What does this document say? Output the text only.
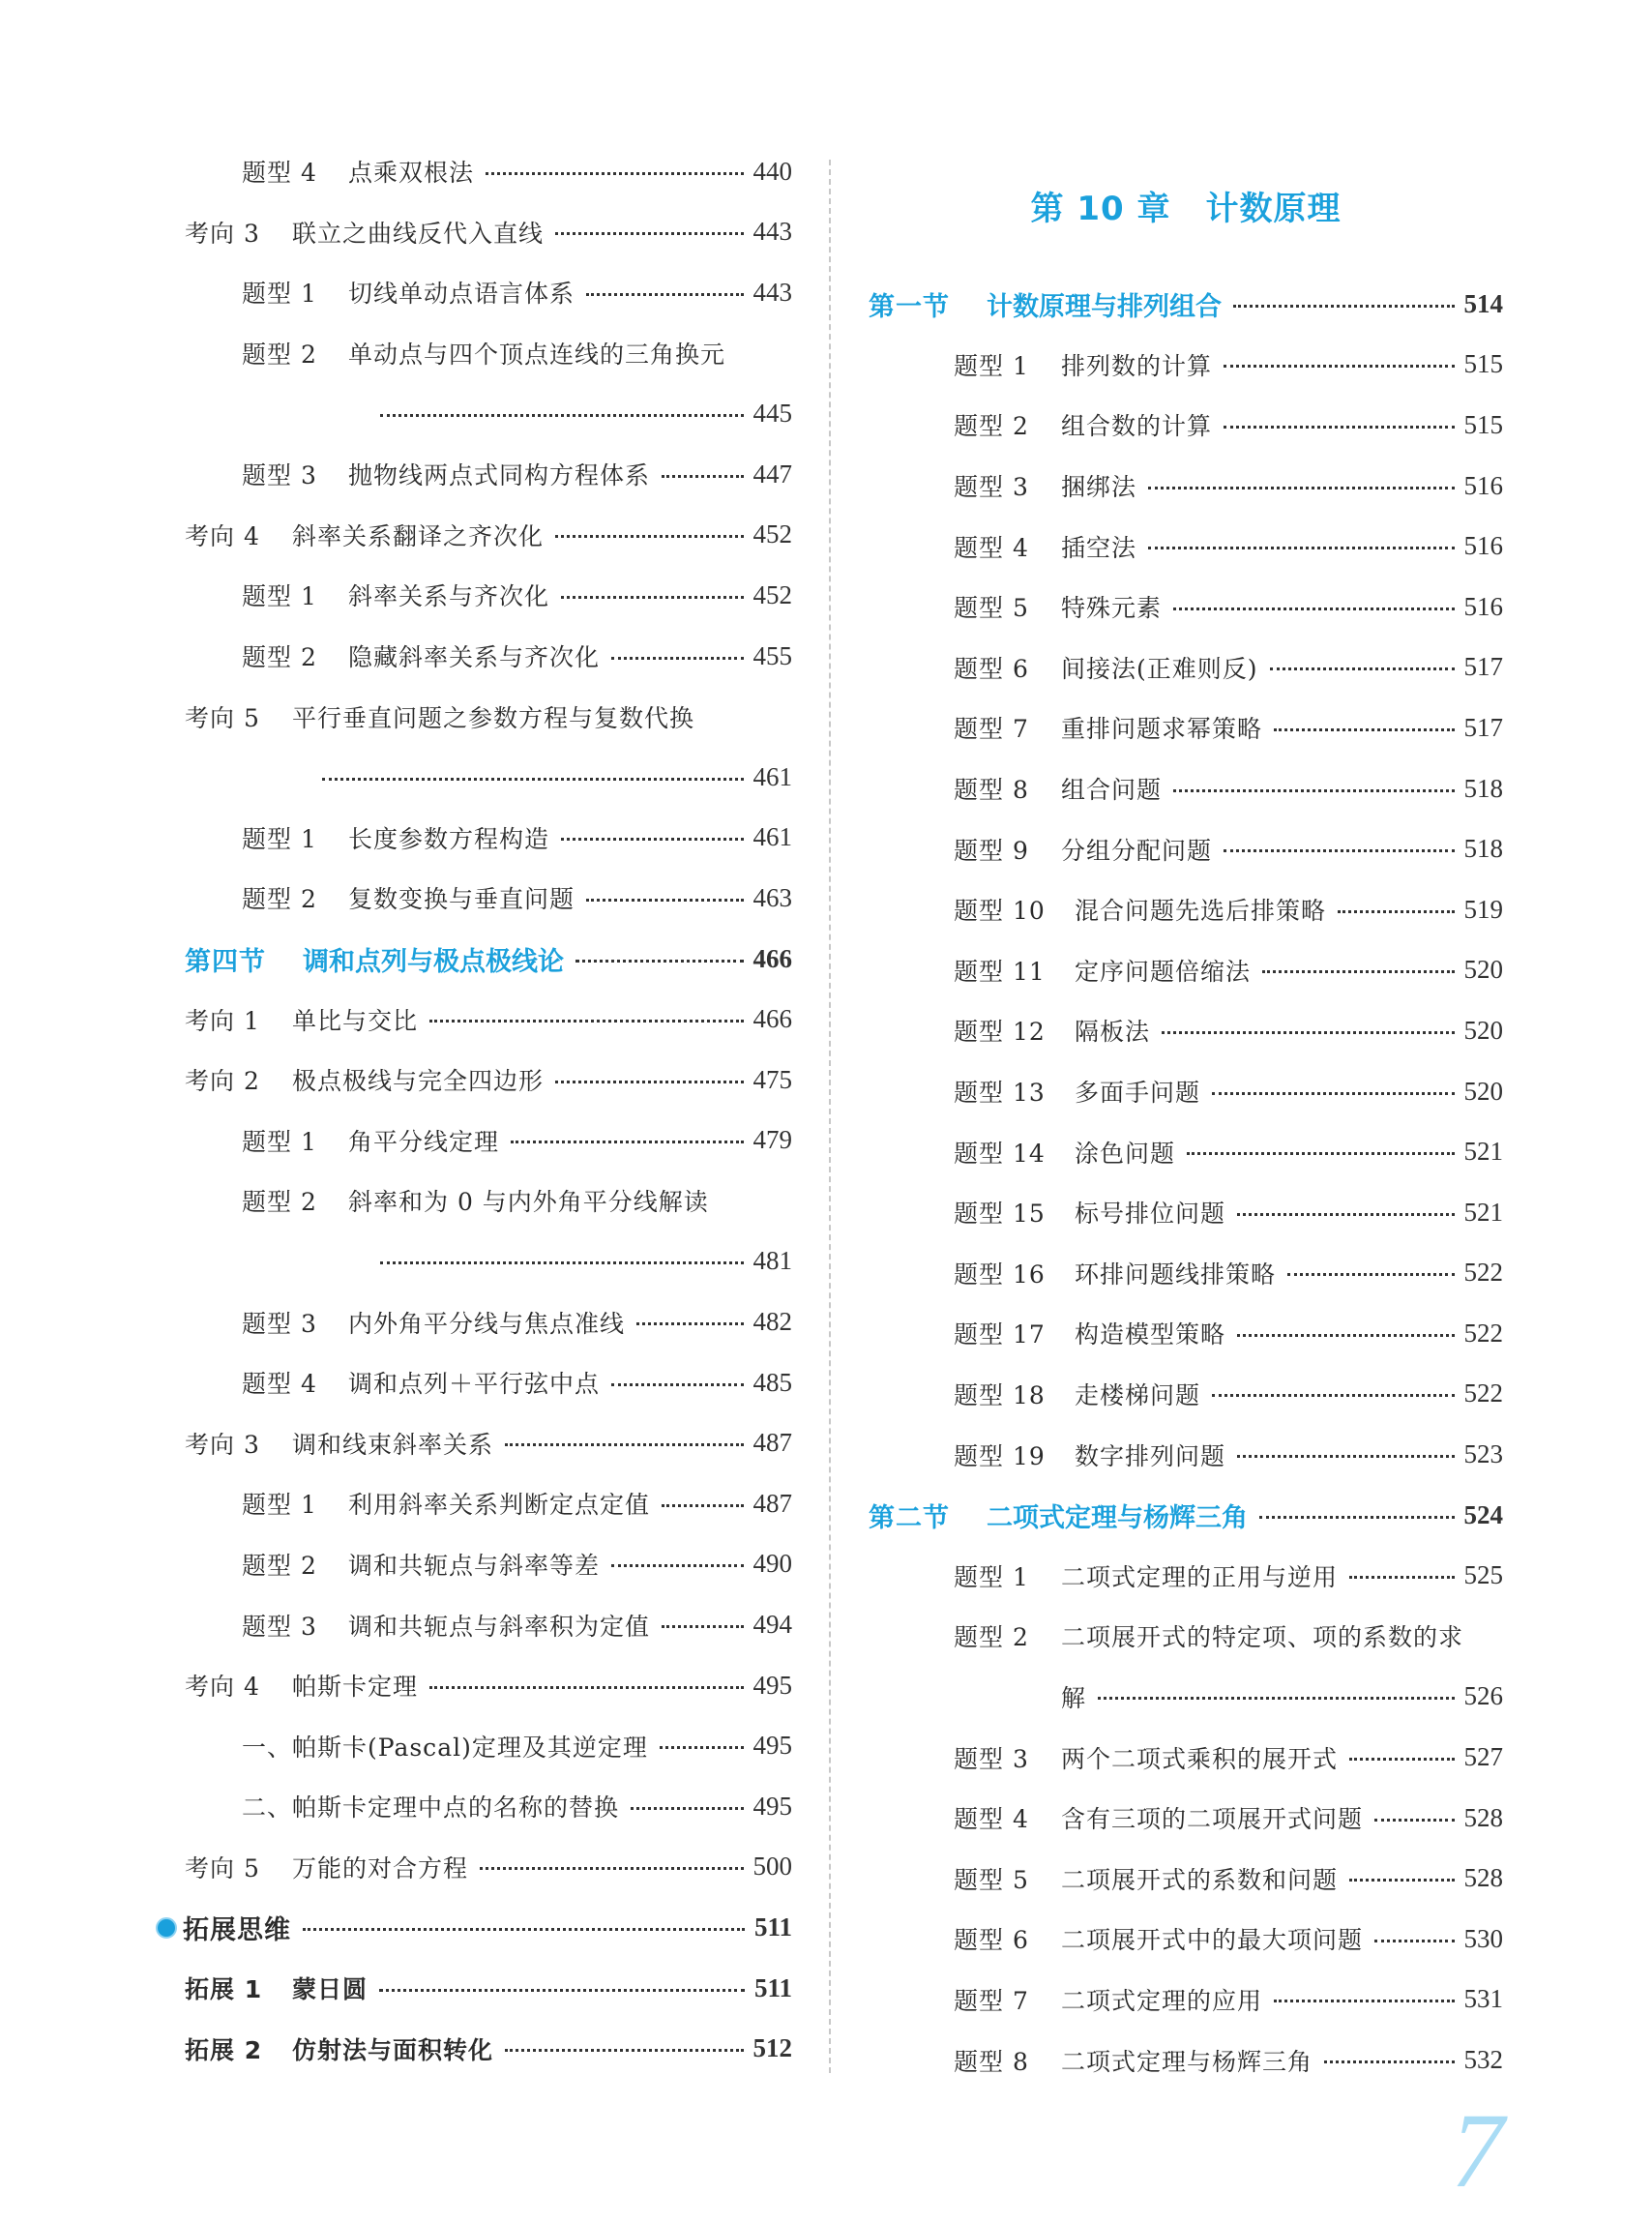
第 10 章 计数原理
题型 4	点乘双根法	440
考向 3	联立之曲线反代入直线	443
题型 1	切线单动点语言体系	443
题型 2	单动点与四个顶点连线的三角换元
445
题型 3	抛物线两点式同构方程体系	447
考向 4	斜率关系翻译之齐次化	452
题型 1	斜率关系与齐次化	452
题型 2	隐藏斜率关系与齐次化	455
考向 5	平行垂直问题之参数方程与复数代换
461
题型 1	长度参数方程构造	461
题型 2	复数变换与垂直问题	463
第四节	调和点列与极点极线论	466
考向 1	单比与交比	466
考向 2	极点极线与完全四边形	475
题型 1	角平分线定理	479
题型 2	斜率和为 0 与内外角平分线解读
481
题型 3	内外角平分线与焦点准线	482
题型 4	调和点列＋平行弦中点	485
考向 3	调和线束斜率关系	487
题型 1	利用斜率关系判断定点定值	487
题型 2	调和共轭点与斜率等差	490
题型 3	调和共轭点与斜率积为定值	494
考向 4	帕斯卡定理	495
一、帕斯卡(Pascal)定理及其逆定理	495
二、帕斯卡定理中点的名称的替换	495
考向 5	万能的对合方程	500
拓展思维	511
拓展 1	蒙日圆	511
拓展 2	仿射法与面积转化	512
第一节	计数原理与排列组合	514
题型 1	排列数的计算	515
题型 2	组合数的计算	515
题型 3	捆绑法	516
题型 4	插空法	516
题型 5	特殊元素	516
题型 6	间接法(正难则反)	517
题型 7	重排问题求幂策略	517
题型 8	组合问题	518
题型 9	分组分配问题	518
题型 10	混合问题先选后排策略	519
题型 11	定序问题倍缩法	520
题型 12	隔板法	520
题型 13	多面手问题	520
题型 14	涂色问题	521
题型 15	标号排位问题	521
题型 16	环排问题线排策略	522
题型 17	构造模型策略	522
题型 18	走楼梯问题	522
题型 19	数字排列问题	523
第二节	二项式定理与杨辉三角	524
题型 1	二项式定理的正用与逆用	525
题型 2	二项展开式的特定项、项的系数的求
解	526
题型 3	两个二项式乘积的展开式	527
题型 4	含有三项的二项展开式问题	528
题型 5	二项展开式的系数和问题	528
题型 6	二项展开式中的最大项问题	530
题型 7	二项式定理的应用	531
题型 8	二项式定理与杨辉三角	532
7
